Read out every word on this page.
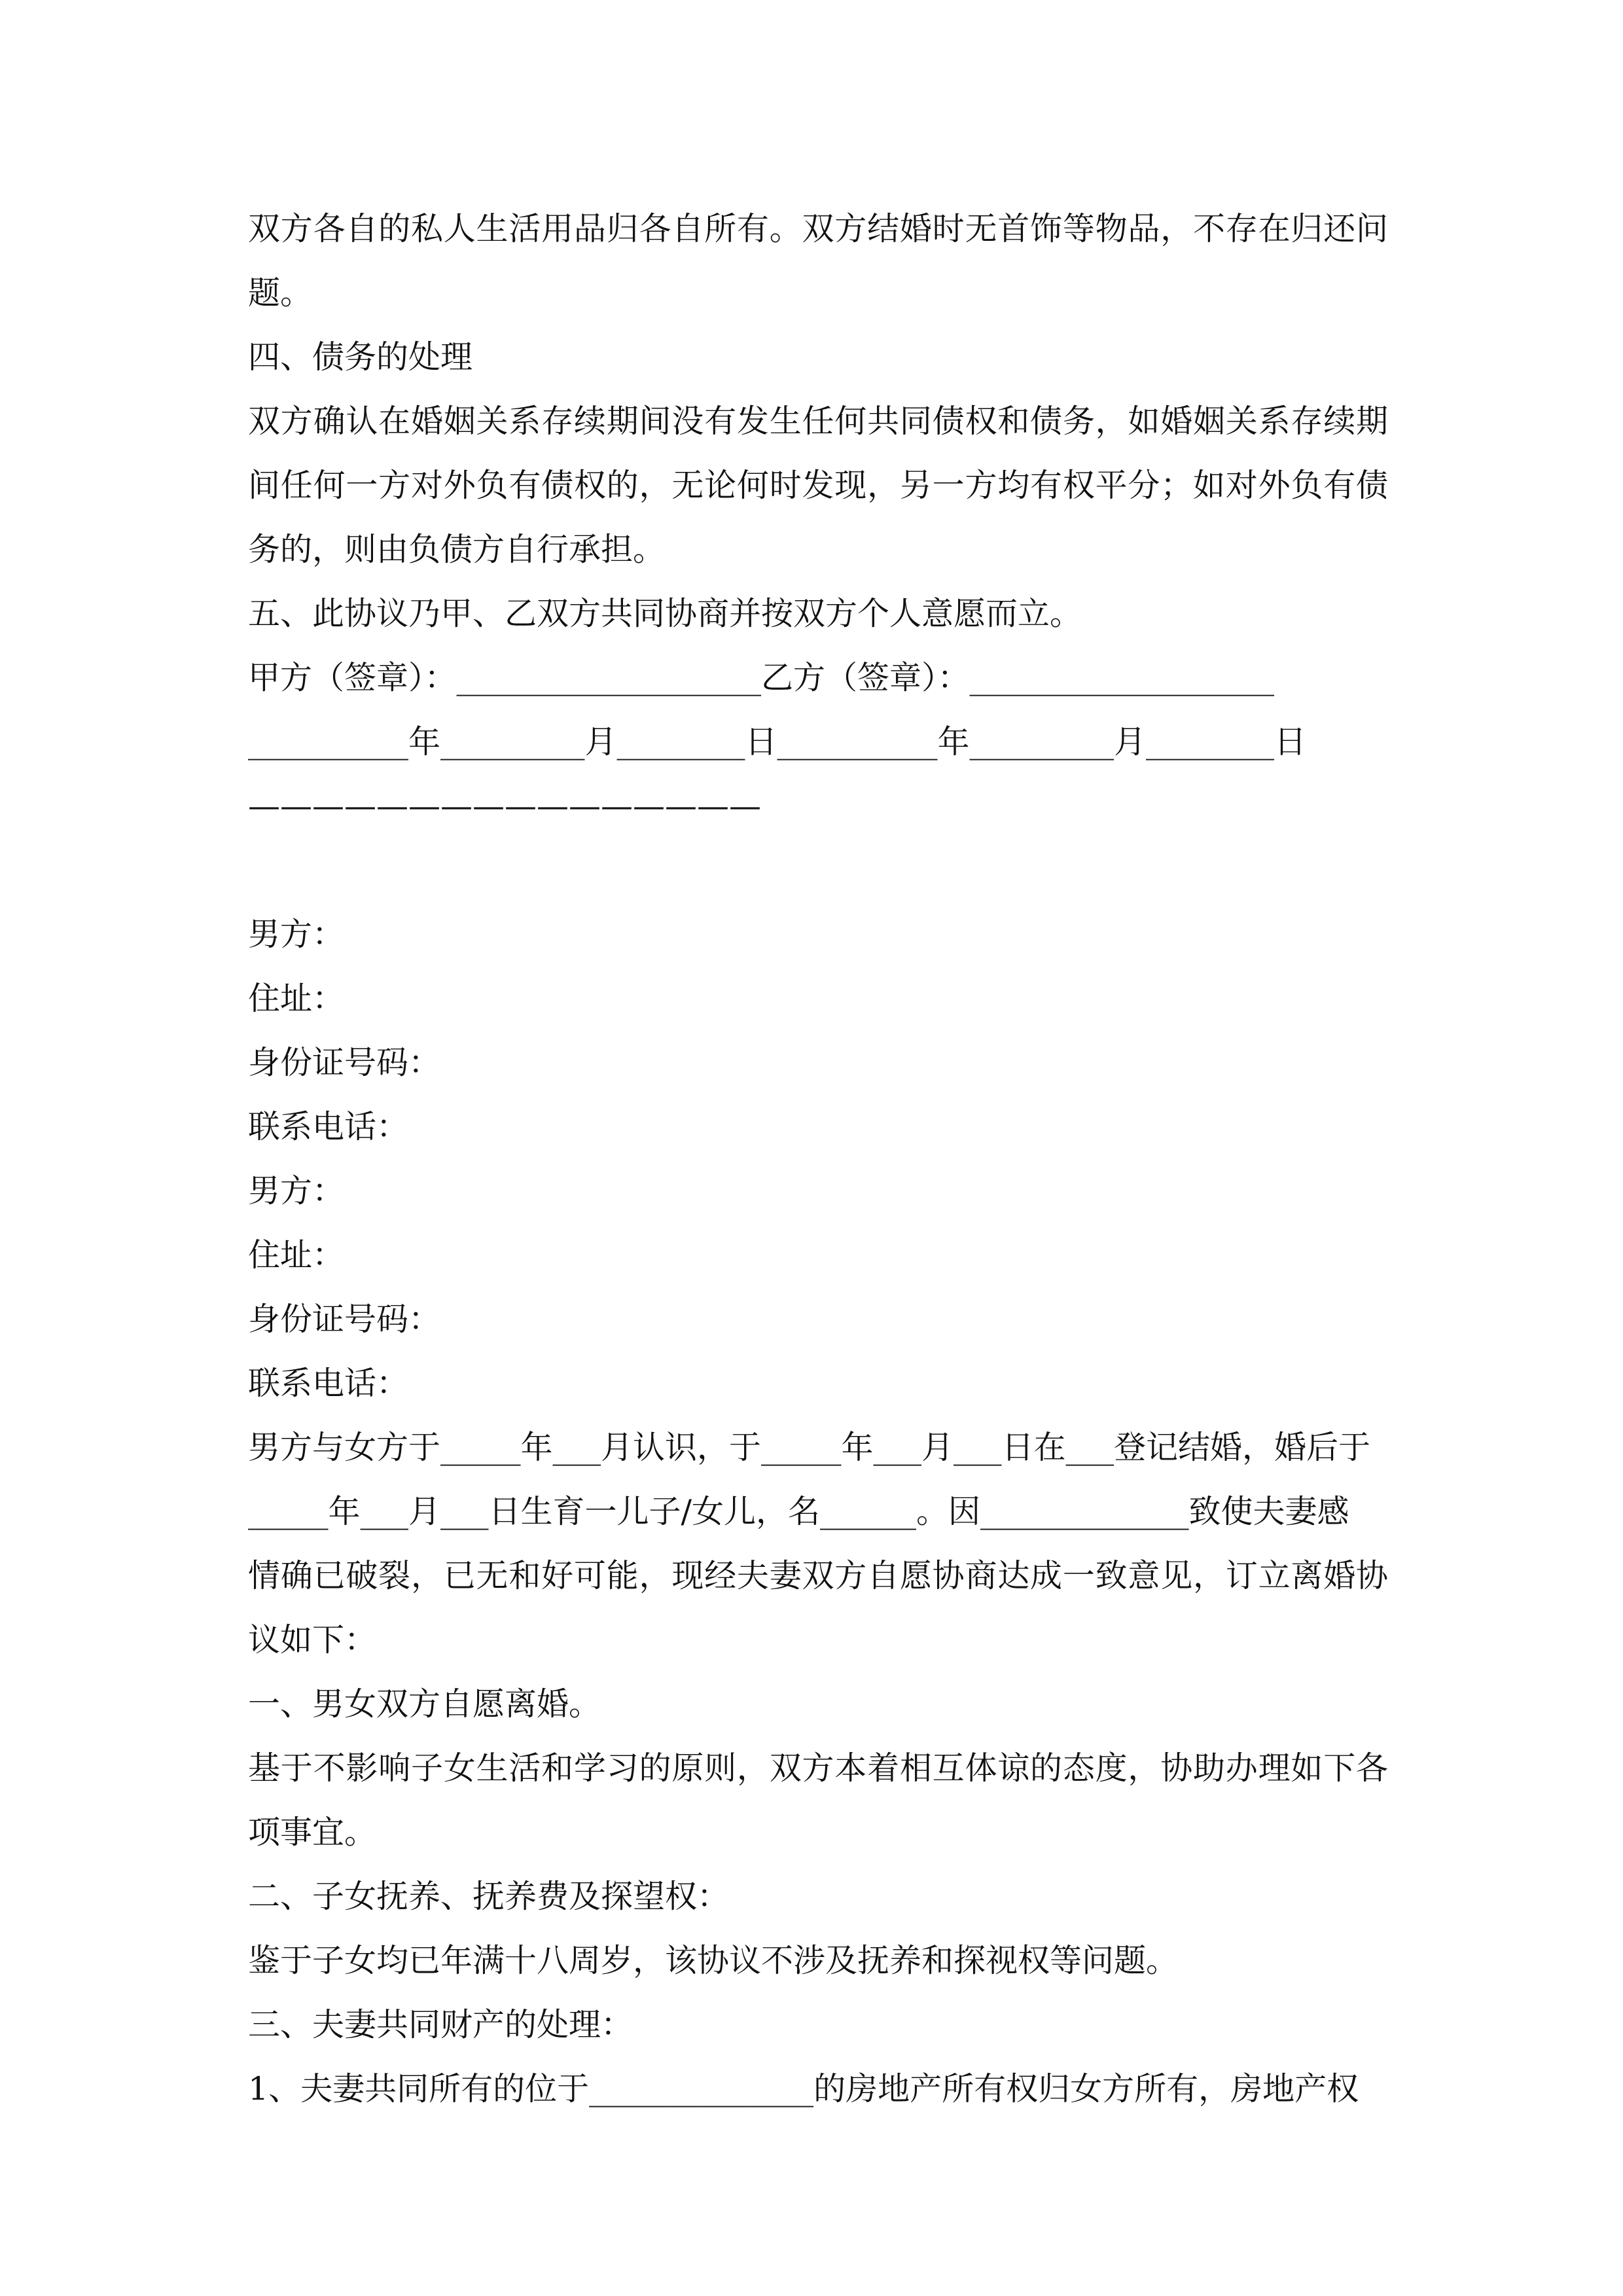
双方各自的私人生活用品归各自所有。双方结婚时无首饰等物品，不存在归还问
题。
四、债务的处理
双方确认在婚姻关系存续期间没有发生任何共同债权和债务，如婚姻关系存续期
间任何一方对外负有债权的，无论何时发现，另一方均有权平分；如对外负有债
务的，则由负债方自行承担。
五、此协议乃甲、乙双方共同协商并按双方个人意愿而立。
甲方（签章）：___________________乙方（签章）：___________________
__________年_________月________日__________年_________月________日
————————————————
男方：
住址：
身份证号码：
联系电话：
男方：
住址：
身份证号码：
联系电话：
男方与女方于_____年___月认识，于_____年___月___日在___登记结婚，婚后于
_____年___月___日生育一儿子/女儿，名______。因_____________致使夫妻感
情确已破裂，已无和好可能，现经夫妻双方自愿协商达成一致意见，订立离婚协
议如下：
一、男女双方自愿离婚。
基于不影响子女生活和学习的原则，双方本着相互体谅的态度，协助办理如下各
项事宜。
二、子女抚养、抚养费及探望权：
鉴于子女均已年满十八周岁，该协议不涉及抚养和探视权等问题。
三、夫妻共同财产的处理：
1、夫妻共同所有的位于______________的房地产所有权归女方所有，房地产权
